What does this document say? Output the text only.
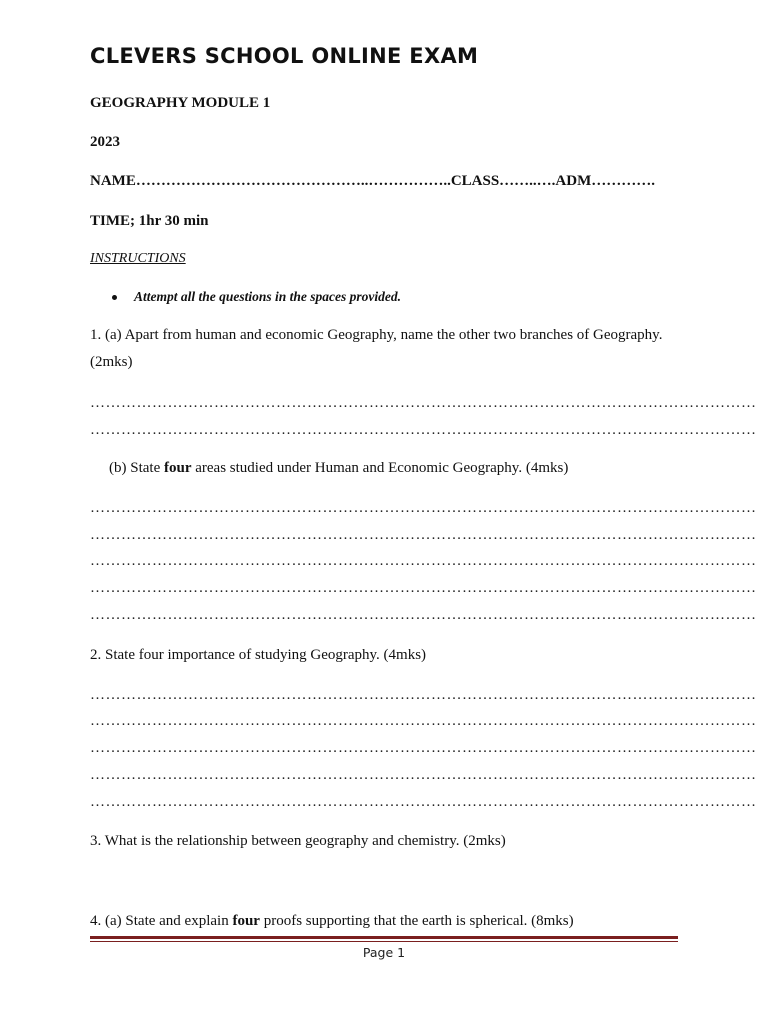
CLEVERS SCHOOL ONLINE EXAM
GEOGRAPHY MODULE 1
2023
NAME………………………………………..……………..CLASS……..….ADM………….
TIME; 1hr 30 min
INSTRUCTIONS
Attempt all the questions in the spaces provided.
1. (a) Apart from human and economic Geography, name the other two branches of Geography.
(2mks)
…………………………………………………………………………………………………………………
…………………………………………………………………………………………………………………
(b) State four areas studied under Human and Economic Geography. (4mks)
…………………………………………………………………………………………………………………
…………………………………………………………………………………………………………………
…………………………………………………………………………………………………………………
…………………………………………………………………………………………………………………
…………………………………………………………………………………………………………………
2. State four importance of studying Geography. (4mks)
…………………………………………………………………………………………………………………
…………………………………………………………………………………………………………………
…………………………………………………………………………………………………………………
…………………………………………………………………………………………………………………
…………………………………………………………………………………………………………………
3. What is the relationship between geography and chemistry. (2mks)
4. (a) State and explain four proofs supporting that the earth is spherical. (8mks)
Page 1
